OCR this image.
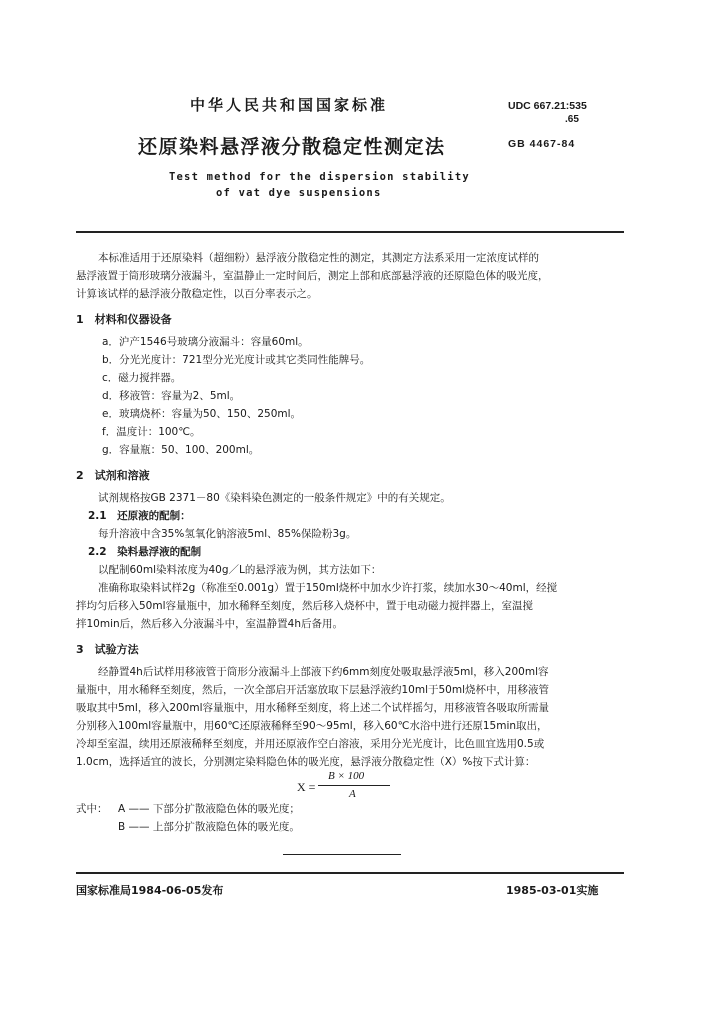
中华人民共和国国家标准	UDC 667.21:535
.65
还原染料悬浮液分散稳定性测定法	GB 4467-84
Test method for the dispersion stability
of vat dye suspensions
本标准适用于还原染料（超细粉）悬浮液分散稳定性的测定，其测定方法系采用一定浓度试样的
悬浮液置于筒形玻璃分液漏斗，室温静止一定时间后，测定上部和底部悬浮液的还原隐色体的吸光度，
计算该试样的悬浮液分散稳定性，以百分率表示之。
1　材料和仪器设备
a．沪产1546号玻璃分液漏斗：容量60ml。
b．分光光度计：721型分光光度计或其它类同性能牌号。
c．磁力搅拌器。
d．移液管：容量为2、5ml。
e．玻璃烧杯：容量为50、150、250ml。
f．温度计：100℃。
g．容量瓶：50、100、200ml。
2　试剂和溶液
试剂规格按GB 2371－80《染料染色测定的一般条件规定》中的有关规定。
2.1　还原液的配制：
每升溶液中含35%氢氧化钠溶液5ml、85%保险粉3g。
2.2　染料悬浮液的配制
以配制60ml染料浓度为40g／L的悬浮液为例，其方法如下：
准确称取染料试样2g（称准至0.001g）置于150ml烧杯中加水少许打浆，续加水30～40ml，经搅
拌均匀后移入50ml容量瓶中，加水稀释至刻度，然后移入烧杯中，置于电动磁力搅拌器上，室温搅
拌10min后，然后移入分液漏斗中，室温静置4h后备用。
3　试验方法
经静置4h后试样用移液管于筒形分液漏斗上部液下约6mm刻度处吸取悬浮液5ml，移入200ml容
量瓶中，用水稀释至刻度，然后，一次全部启开活塞放取下层悬浮液约10ml于50ml烧杯中，用移液管
吸取其中5ml，移入200ml容量瓶中，用水稀释至刻度，将上述二个试样摇匀，用移液管各吸取所需量
分别移入100ml容量瓶中，用60℃还原液稀释至90～95ml，移入60℃水浴中进行还原15min取出，
冷却至室温，续用还原液稀释至刻度，并用还原液作空白溶液，采用分光光度计，比色皿宜选用0.5或
1.0cm，选择适宜的波长，分别测定染料隐色体的吸光度，悬浮液分散稳定性（X）%按下式计算：
X =
B × 100
A
式中： A —— 下部分扩散液隐色体的吸光度；
B —— 上部分扩散液隐色体的吸光度。
国家标准局1984-06-05发布	1985-03-01实施
